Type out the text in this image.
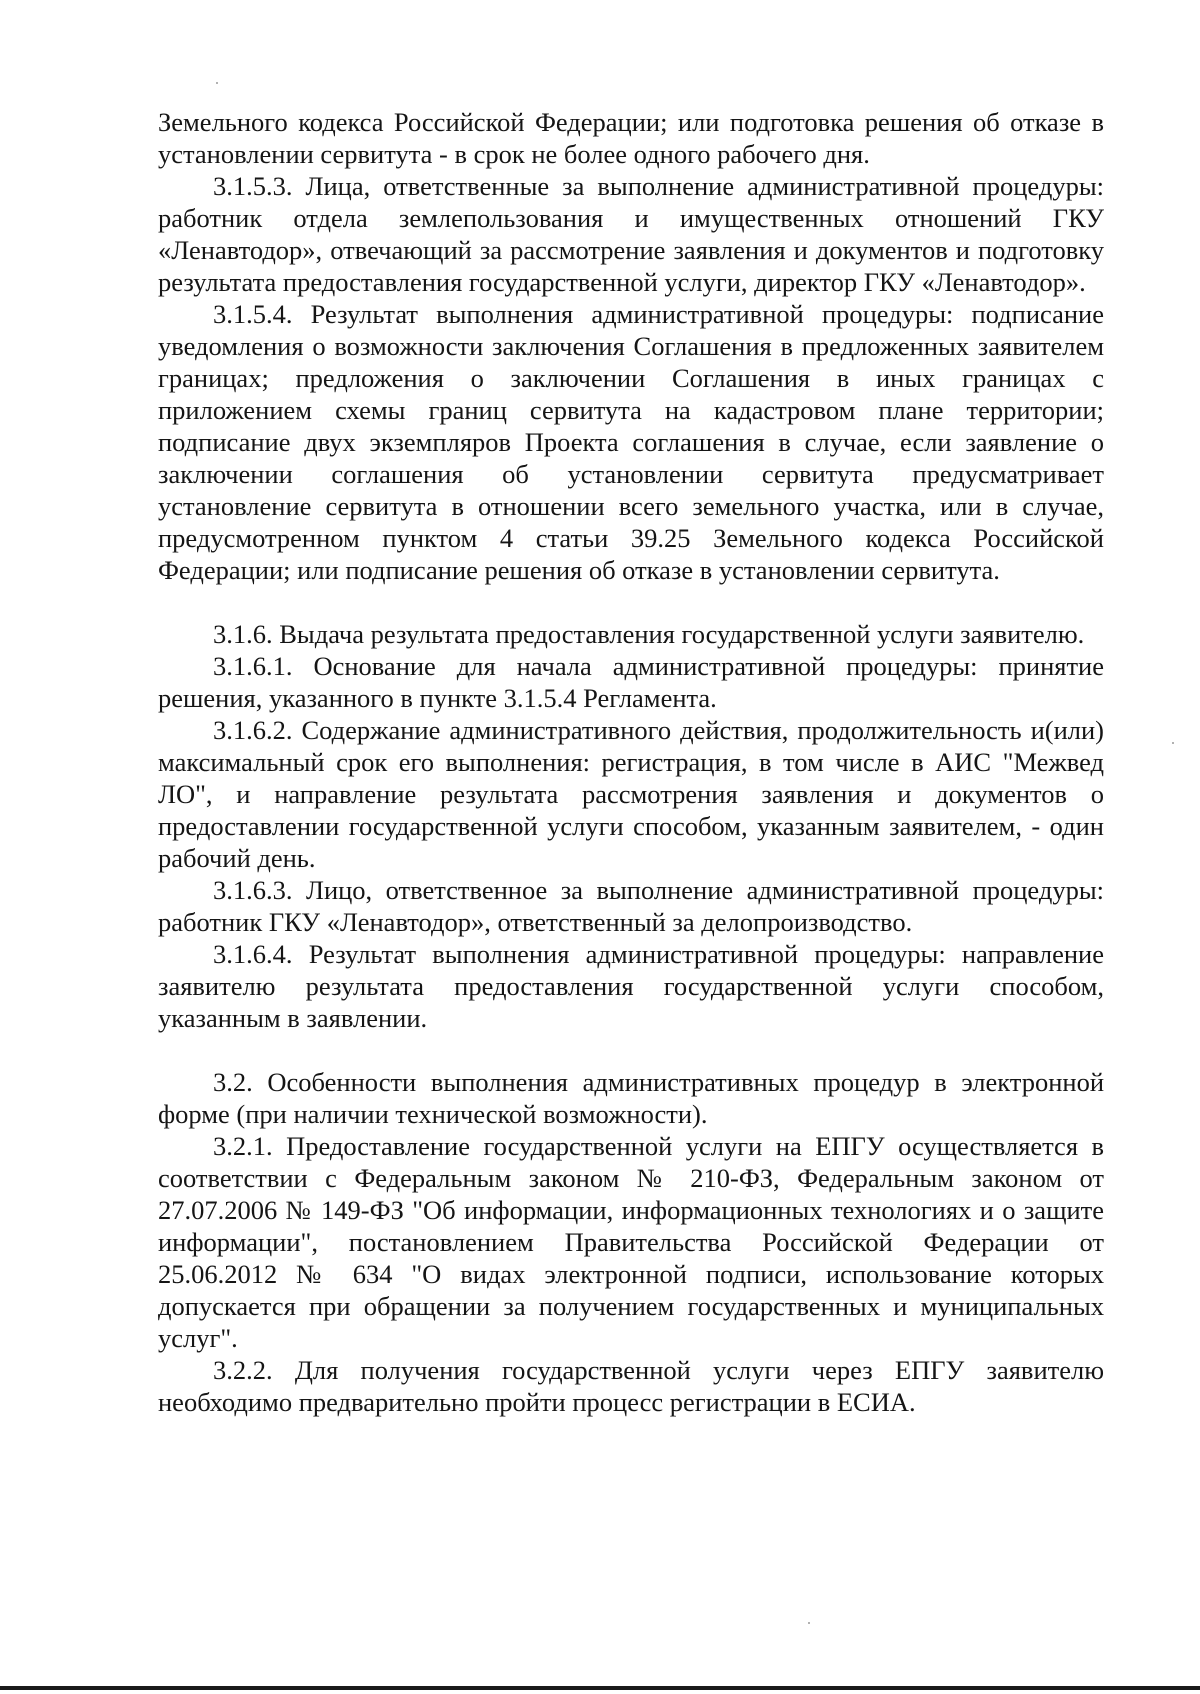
Земельного кодекса Российской Федерации; или подготовка решения об отказе в установлении сервитута - в срок не более одного рабочего дня.

3.1.5.3. Лица, ответственные за выполнение административной процедуры: работник отдела землепользования и имущественных отношений ГКУ «Ленавтодор», отвечающий за рассмотрение заявления и документов и подготовку результата предоставления государственной услуги, директор ГКУ «Ленавтодор».

3.1.5.4. Результат выполнения административной процедуры: подписание уведомления о возможности заключения Соглашения в предложенных заявителем границах; предложения о заключении Соглашения в иных границах с приложением схемы границ сервитута на кадастровом плане территории; подписание двух экземпляров Проекта соглашения в случае, если заявление о заключении соглашения об установлении сервитута предусматривает установление сервитута в отношении всего земельного участка, или в случае, предусмотренном пунктом 4 статьи 39.25 Земельного кодекса Российской Федерации; или подписание решения об отказе в установлении сервитута.

3.1.6. Выдача результата предоставления государственной услуги заявителю.

3.1.6.1. Основание для начала административной процедуры: принятие решения, указанного в пункте 3.1.5.4 Регламента.

3.1.6.2. Содержание административного действия, продолжительность и(или) максимальный срок его выполнения: регистрация, в том числе в АИС "Межвед ЛО", и направление результата рассмотрения заявления и документов о предоставлении государственной услуги способом, указанным заявителем, - один рабочий день.

3.1.6.3. Лицо, ответственное за выполнение административной процедуры: работник ГКУ «Ленавтодор», ответственный за делопроизводство.

3.1.6.4. Результат выполнения административной процедуры: направление заявителю результата предоставления государственной услуги способом, указанным в заявлении.

3.2. Особенности выполнения административных процедур в электронной форме (при наличии технической возможности).

3.2.1. Предоставление государственной услуги на ЕПГУ осуществляется в соответствии с Федеральным законом № 210-ФЗ, Федеральным законом от 27.07.2006 № 149-ФЗ "Об информации, информационных технологиях и о защите информации", постановлением Правительства Российской Федерации от 25.06.2012 № 634 "О видах электронной подписи, использование которых допускается при обращении за получением государственных и муниципальных услуг".

3.2.2. Для получения государственной услуги через ЕПГУ заявителю необходимо предварительно пройти процесс регистрации в ЕСИА.
